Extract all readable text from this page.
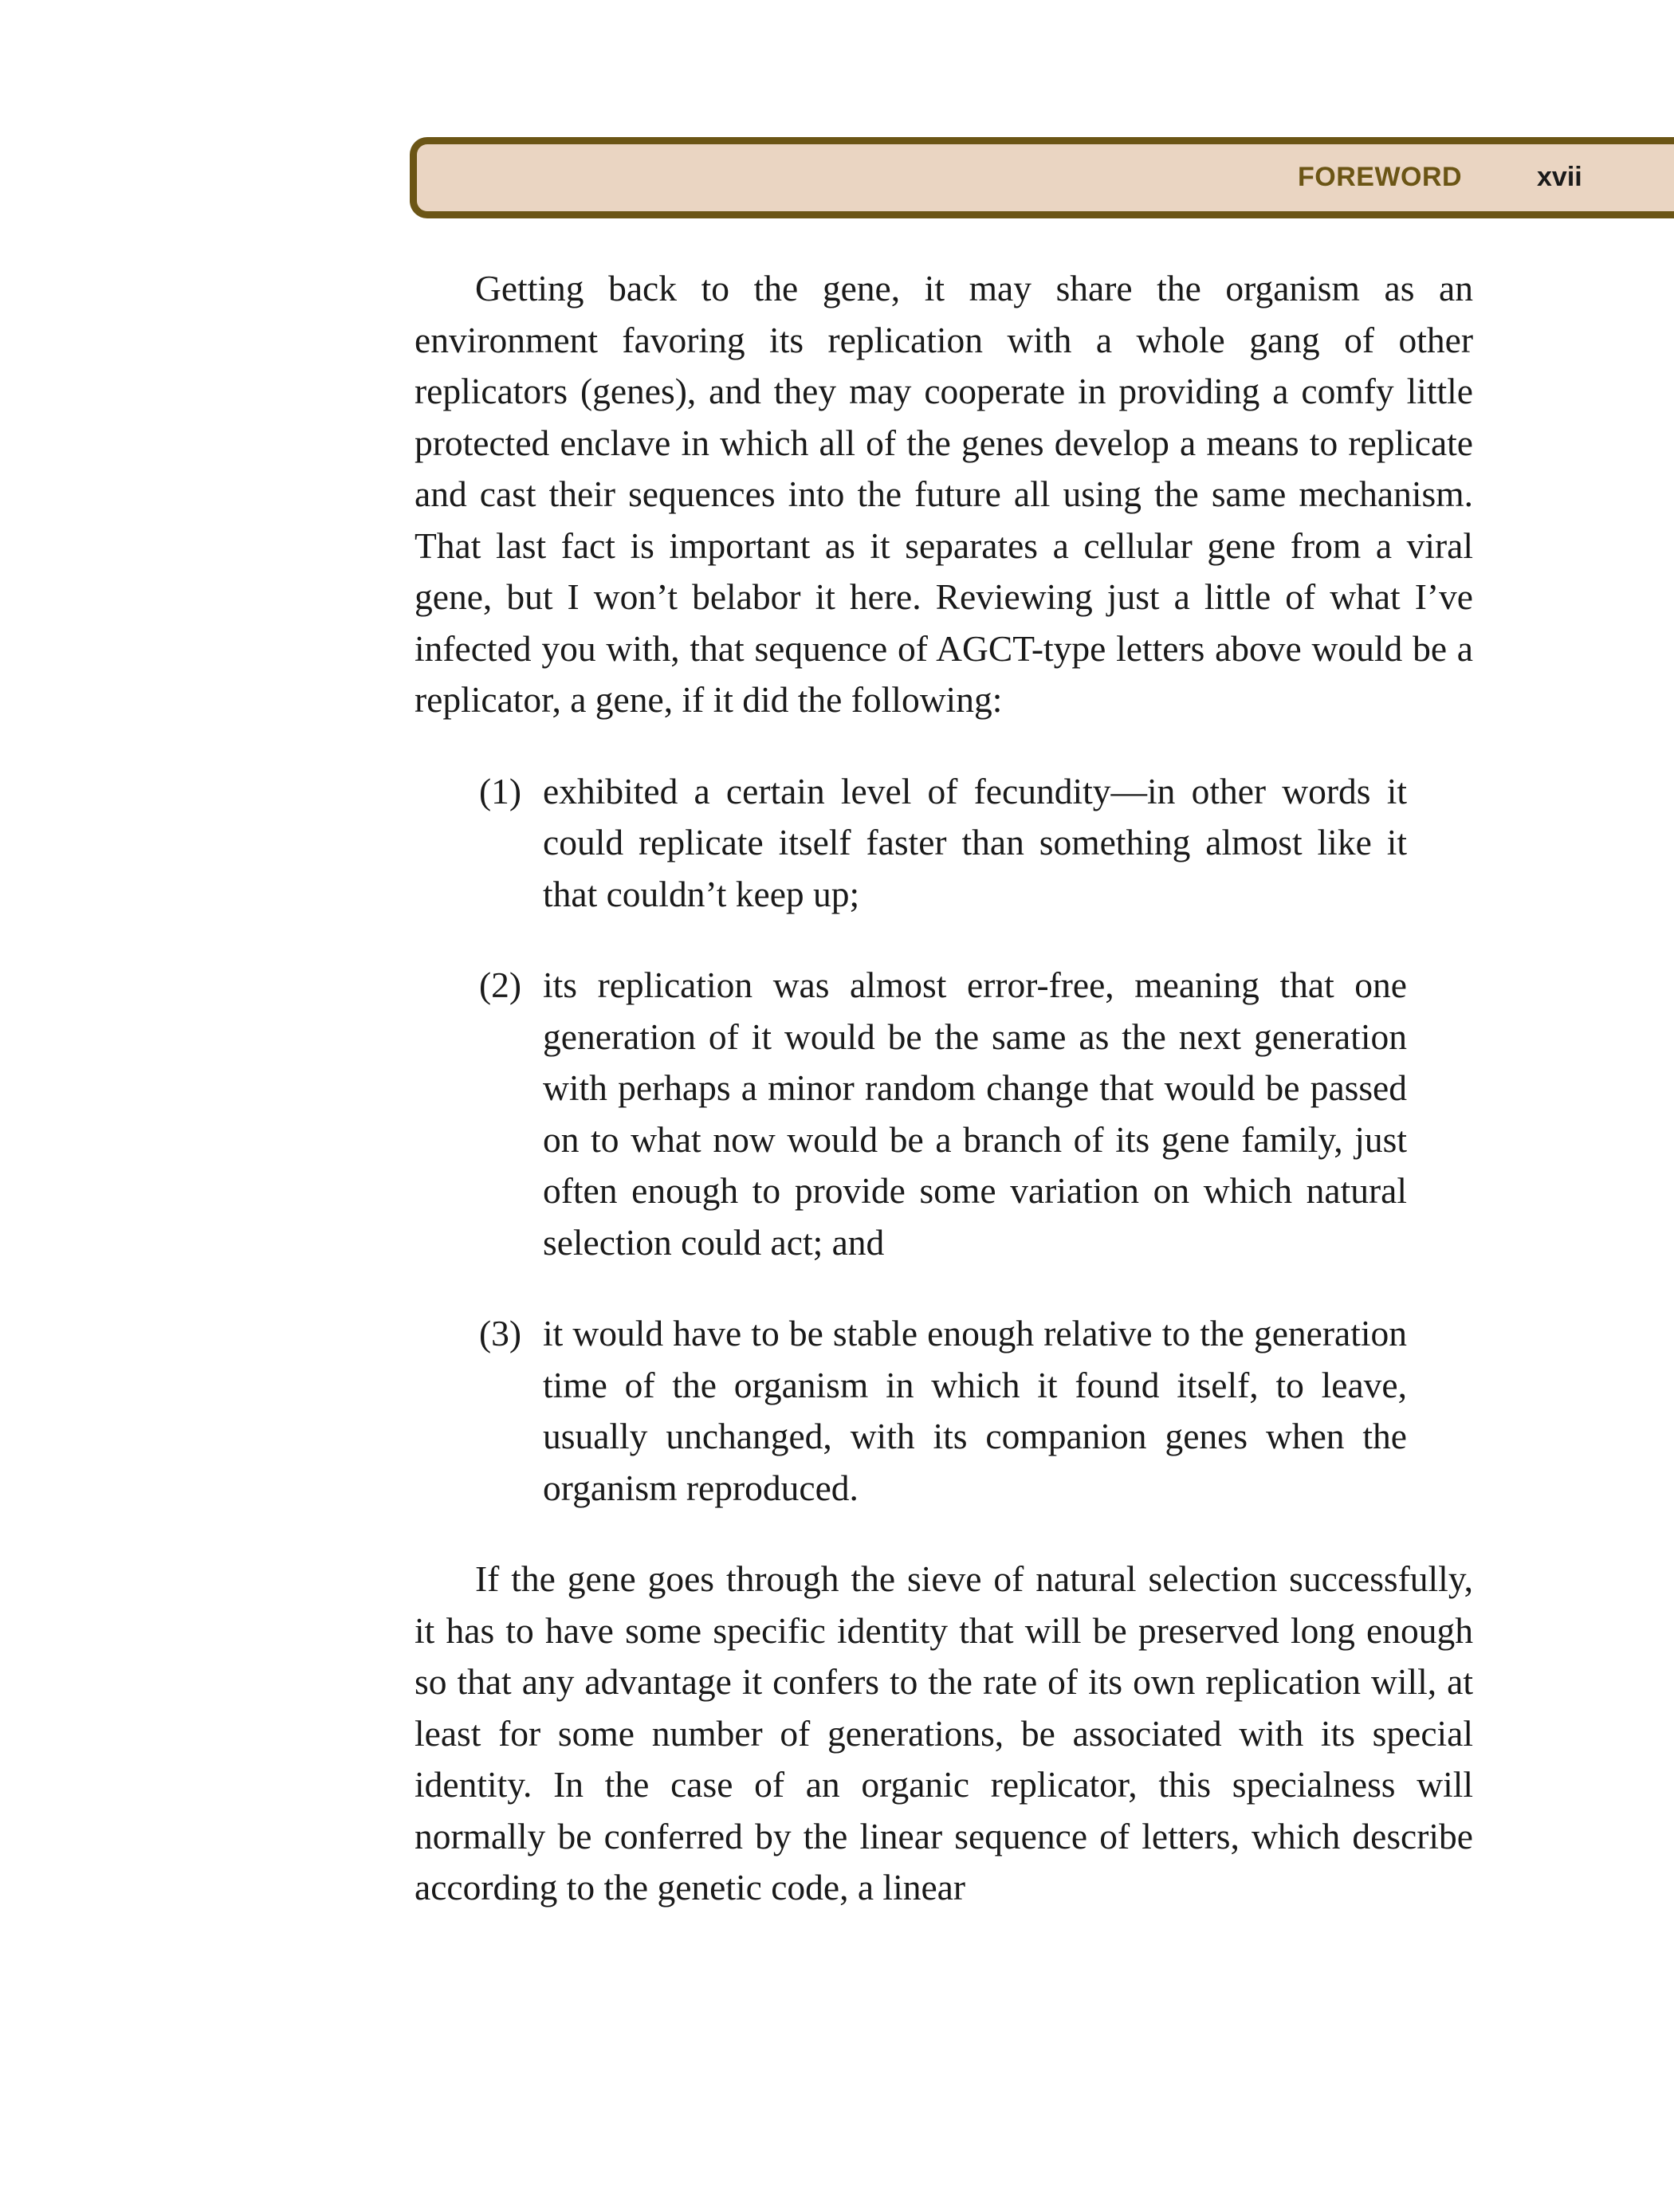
FOREWORD	xvii

Getting back to the gene, it may share the organism as an environment favoring its replication with a whole gang of other replicators (genes), and they may cooperate in providing a comfy little protected enclave in which all of the genes develop a means to replicate and cast their sequences into the future all using the same mechanism. That last fact is important as it separates a cellular gene from a viral gene, but I won’t belabor it here. Reviewing just a little of what I’ve infected you with, that sequence of AGCT-type letters above would be a replicator, a gene, if it did the following:

(1) exhibited a certain level of fecundity—in other words it could replicate itself faster than something almost like it that couldn’t keep up;
(2) its replication was almost error-free, meaning that one generation of it would be the same as the next generation with perhaps a minor random change that would be passed on to what now would be a branch of its gene family, just often enough to provide some variation on which natural selection could act; and
(3) it would have to be stable enough relative to the generation time of the organism in which it found itself, to leave, usually unchanged, with its companion genes when the organism reproduced.

If the gene goes through the sieve of natural selection successfully, it has to have some specific identity that will be preserved long enough so that any advantage it confers to the rate of its own replication will, at least for some number of generations, be associated with its special identity. In the case of an organic replicator, this specialness will normally be conferred by the linear sequence of letters, which describe according to the genetic code, a linear
